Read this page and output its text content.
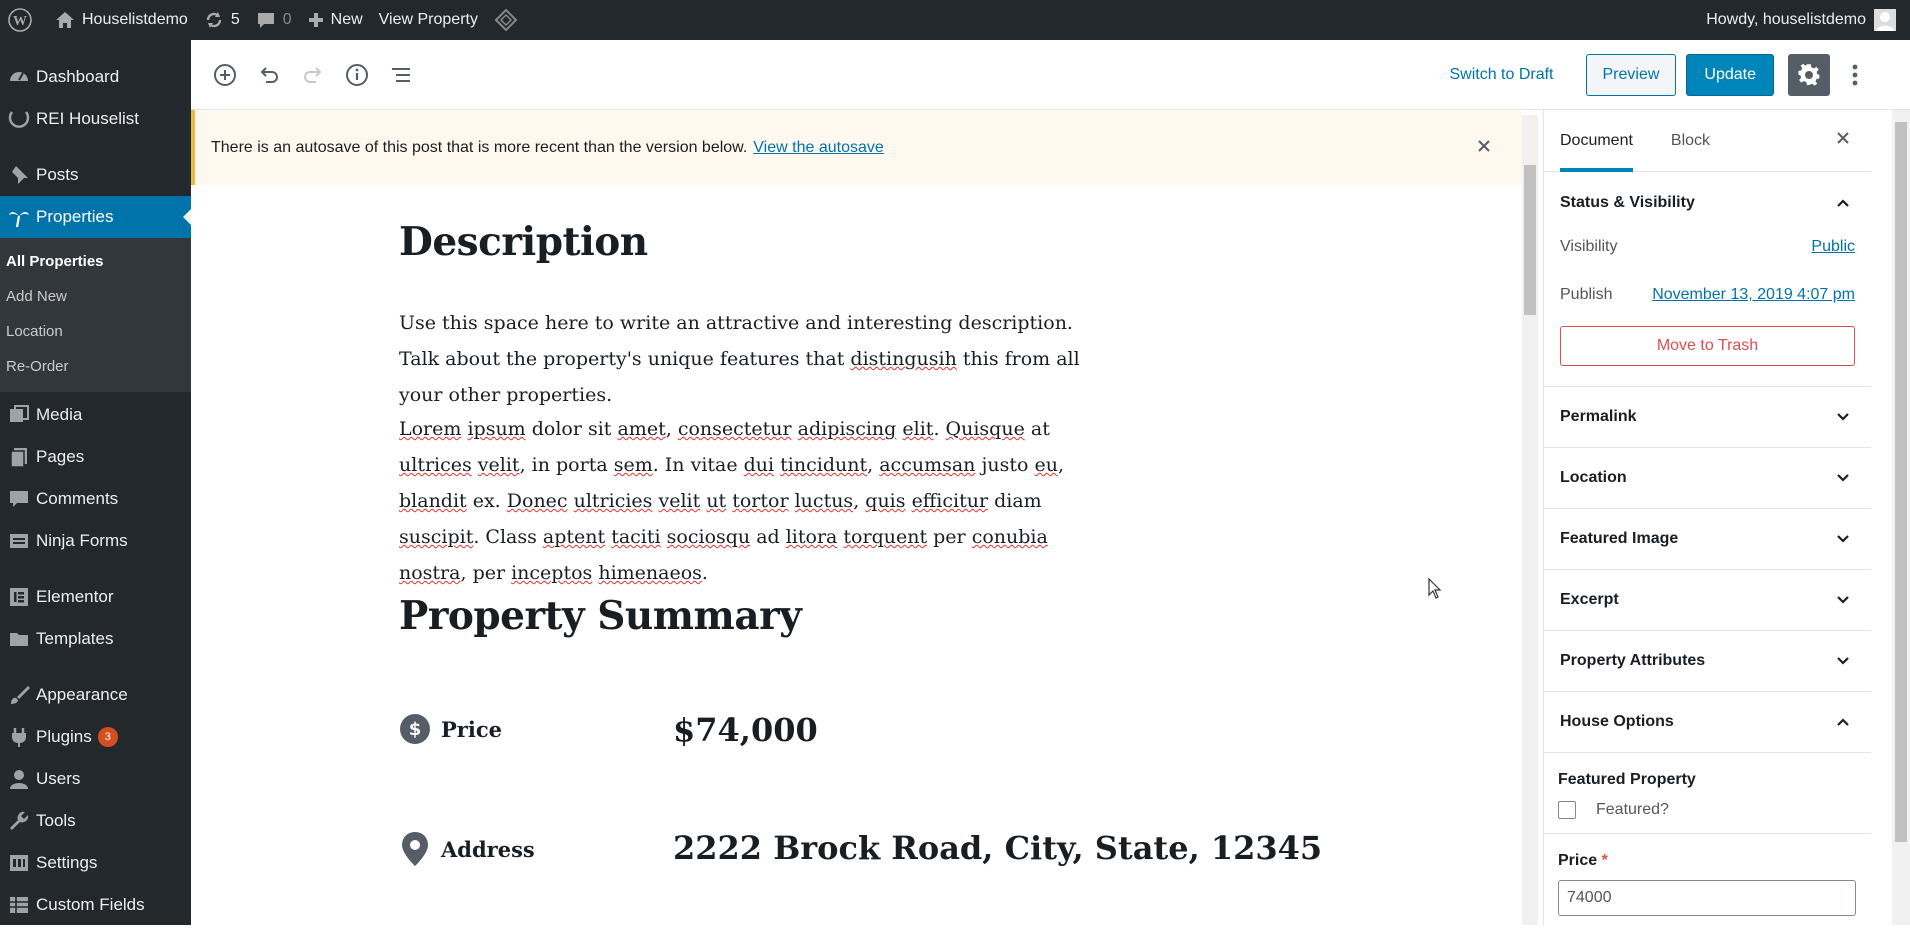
W	Houselistdemo	5	0 New View Property	Howdy, houselistdemo
Dashboard
REI Houselist
Posts
Properties
All Properties
Add New
Location
Re-Order
Media
Pages
Comments
Ninja Forms
Elementor
Templates
Appearance
Plugins	3
Users
Tools
Settings
Custom Fields
Switch to Draft	Preview	Update
There is an autosave of this post that is more recent than the version below. View the autosave
Description
Use this space here to write an attractive and interesting description. Talk about the property's unique features that distingusih this from all your other properties.
Lorem ipsum dolor sit amet, consectetur adipiscing elit. Quisque at ultrices velit, in porta sem. In vitae dui tincidunt, accumsan justo eu, blandit ex. Donec ultricies velit ut tortor luctus, quis efficitur diam suscipit. Class aptent taciti sociosqu ad litora torquent per conubia nostra, per inceptos himenaeos.
Property Summary
$ Price	$74,000
Address	2222 Brock Road, City, State, 12345
Document Block
Status & Visibility
Visibility	Public
Publish November 13, 2019 4:07 pm
Move to Trash
Permalink
Location
Featured Image
Excerpt
Property Attributes
House Options
Featured Property
Featured?
Price *
74000
